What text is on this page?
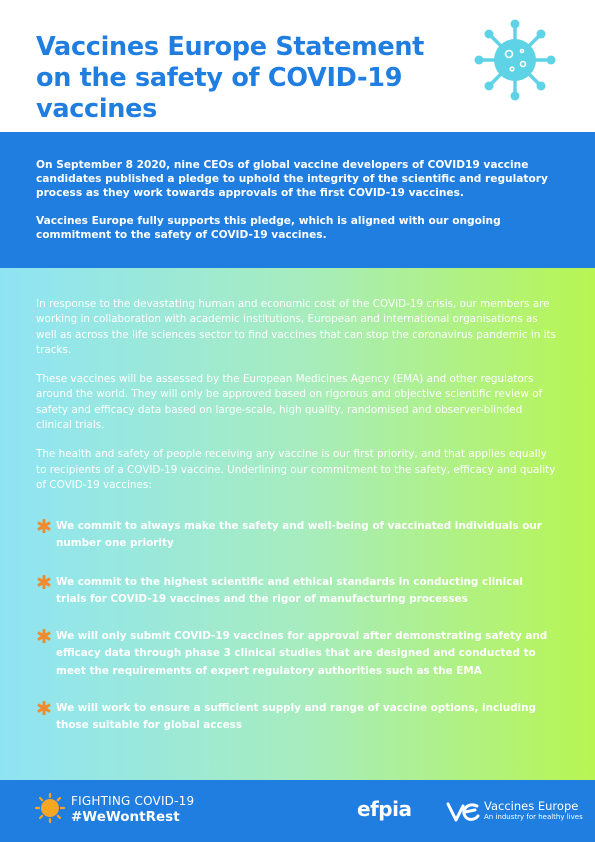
Vaccines Europe Statement
on the safety of COVID-19
vaccines

On September 8 2020, nine CEOs of global vaccine developers of COVID19 vaccine candidates published a pledge to uphold the integrity of the scientific and regulatory process as they work towards approvals of the first COVID-19 vaccines.

Vaccines Europe fully supports this pledge, which is aligned with our ongoing commitment to the safety of COVID-19 vaccines.

In response to the devastating human and economic cost of the COVID-19 crisis, our members are working in collaboration with academic institutions, European and international organisations as well as across the life sciences sector to find vaccines that can stop the coronavirus pandemic in its tracks.

These vaccines will be assessed by the European Medicines Agency (EMA) and other regulators around the world. They will only be approved based on rigorous and objective scientific review of safety and efficacy data based on large-scale, high quality, randomised and observer-blinded clinical trials.

The health and safety of people receiving any vaccine is our first priority, and that applies equally to recipients of a COVID-19 vaccine. Underlining our commitment to the safety, efficacy and quality of COVID-19 vaccines:

✱ We commit to always make the safety and well-being of vaccinated individuals our number one priority
✱ We commit to the highest scientific and ethical standards in conducting clinical trials for COVID-19 vaccines and the rigor of manufacturing processes
✱ We will only submit COVID-19 vaccines for approval after demonstrating safety and efficacy data through phase 3 clinical studies that are designed and conducted to meet the requirements of expert regulatory authorities such as the EMA
✱ We will work to ensure a sufficient supply and range of vaccine options, including those suitable for global access
FIGHTING COVID-19
#WeWontRest	efpia	Vaccines Europe
An industry for healthy lives
